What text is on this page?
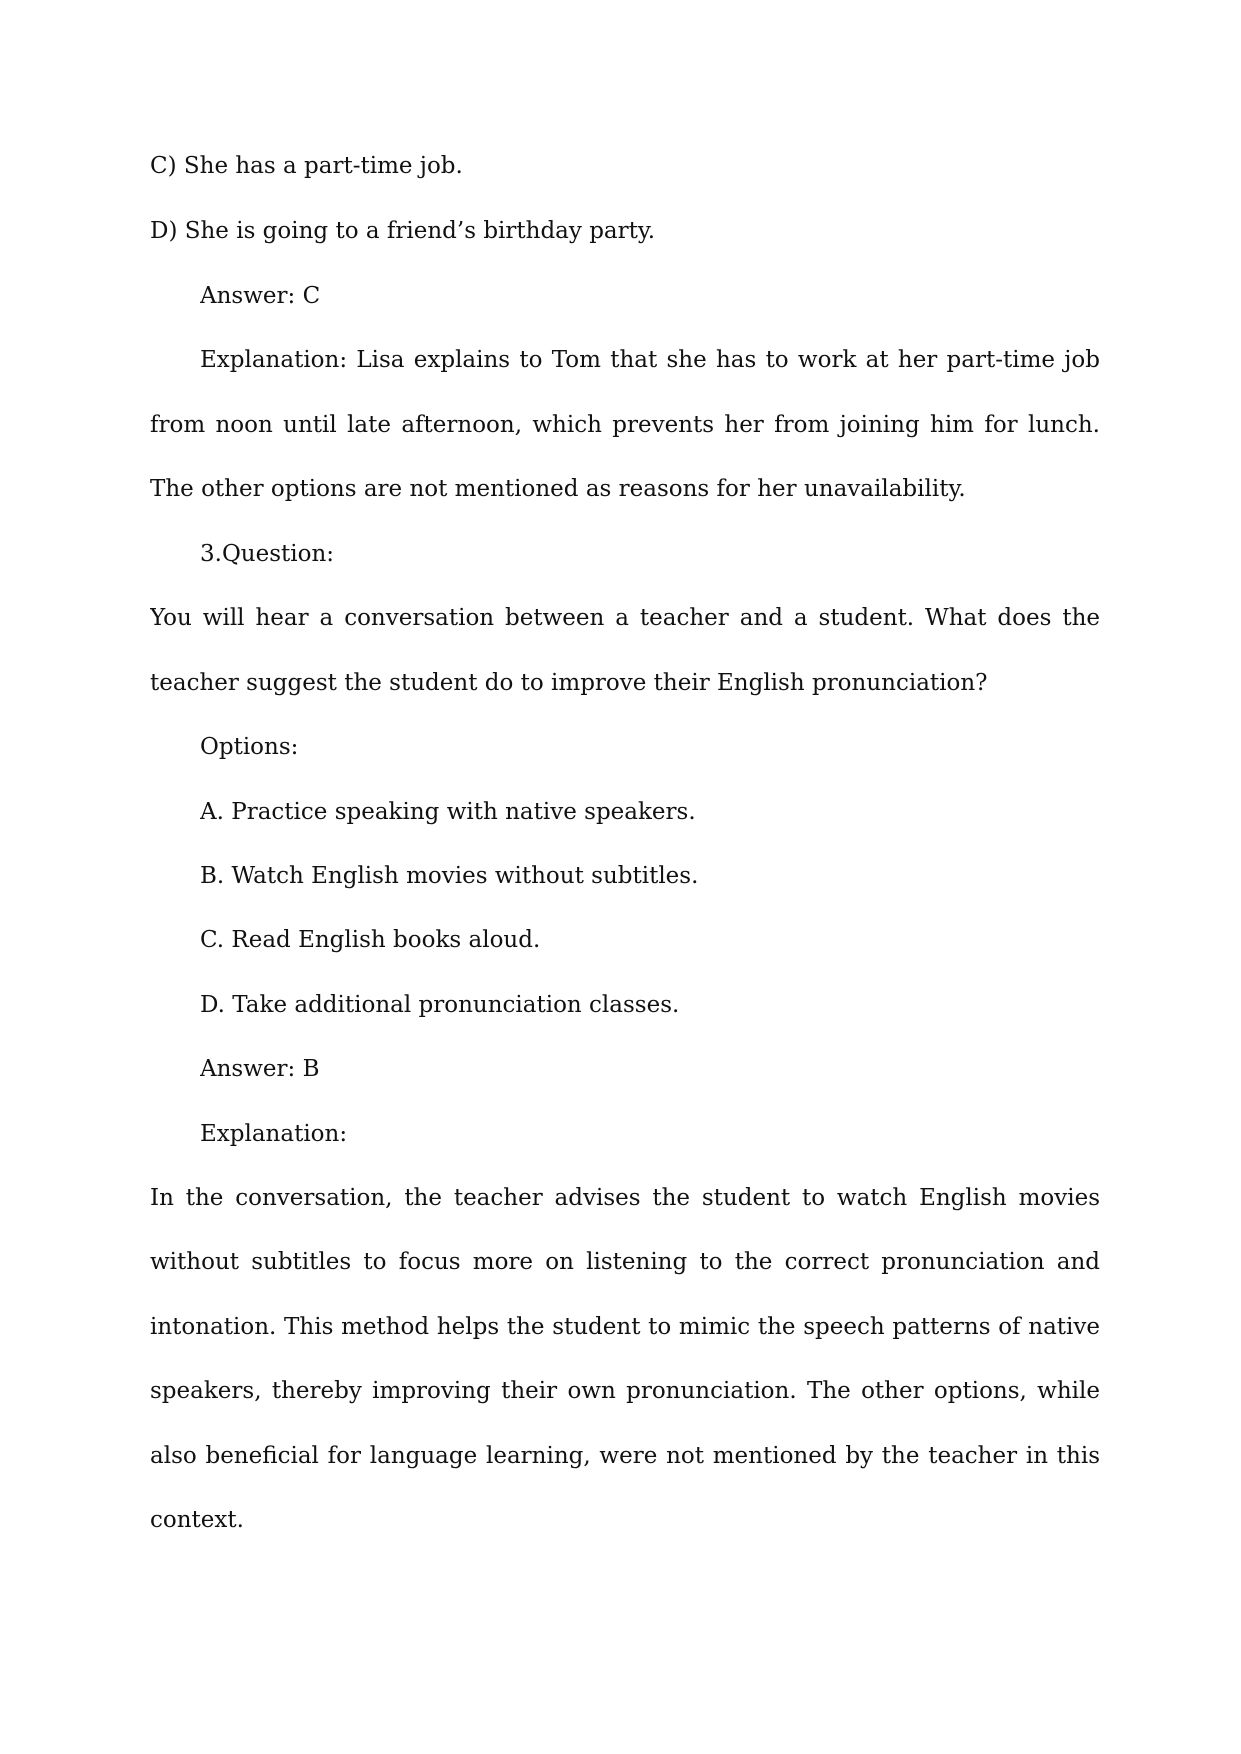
C) She has a part-time job.
D) She is going to a friend’s birthday party.
Answer: C
Explanation: Lisa explains to Tom that she has to work at her part-time job
from noon until late afternoon, which prevents her from joining him for lunch.
The other options are not mentioned as reasons for her unavailability.
3.Question:
You will hear a conversation between a teacher and a student. What does the
teacher suggest the student do to improve their English pronunciation?
Options:
A. Practice speaking with native speakers.
B. Watch English movies without subtitles.
C. Read English books aloud.
D. Take additional pronunciation classes.
Answer: B
Explanation:
In the conversation, the teacher advises the student to watch English movies
without subtitles to focus more on listening to the correct pronunciation and
intonation. This method helps the student to mimic the speech patterns of native
speakers, thereby improving their own pronunciation. The other options, while
also beneficial for language learning, were not mentioned by the teacher in this
context.
